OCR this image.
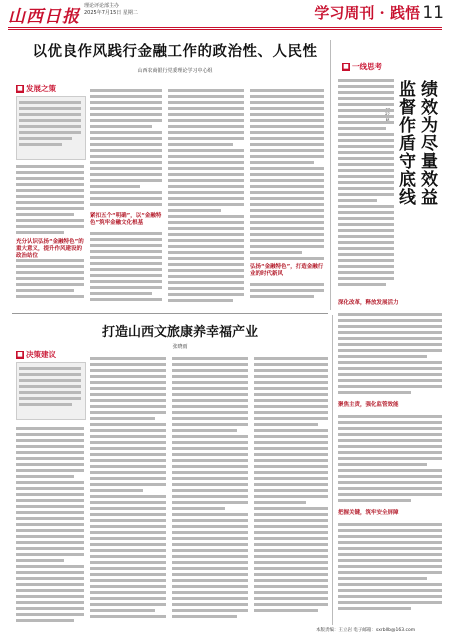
山西日报
理论评论部主办
2025年7月15日 星期二	学习周刊 · 践悟 11
以优良作风践行金融工作的政治性、人民性
山西农商银行党委理论学习中心组
■ 发展之策
充分认识弘扬“金融特色”的重大意义，提升作风建设的政治站位
紧扣五个“明确”，以“金融特色”筑牢金融文化根基
弘扬“金融特色”，打造金融行业的时代新风
■ 一线思考
绩效为尽量效益
监督作盾守底线
深化改革，释放发展活力
聚焦主责，强化监管效能
把握关键，筑牢安全屏障
打造山西文旅康养幸福产业
张晓雨
■ 决策建议
本版责编：王立岩 电子邮箱：sxrbllb@163.com
